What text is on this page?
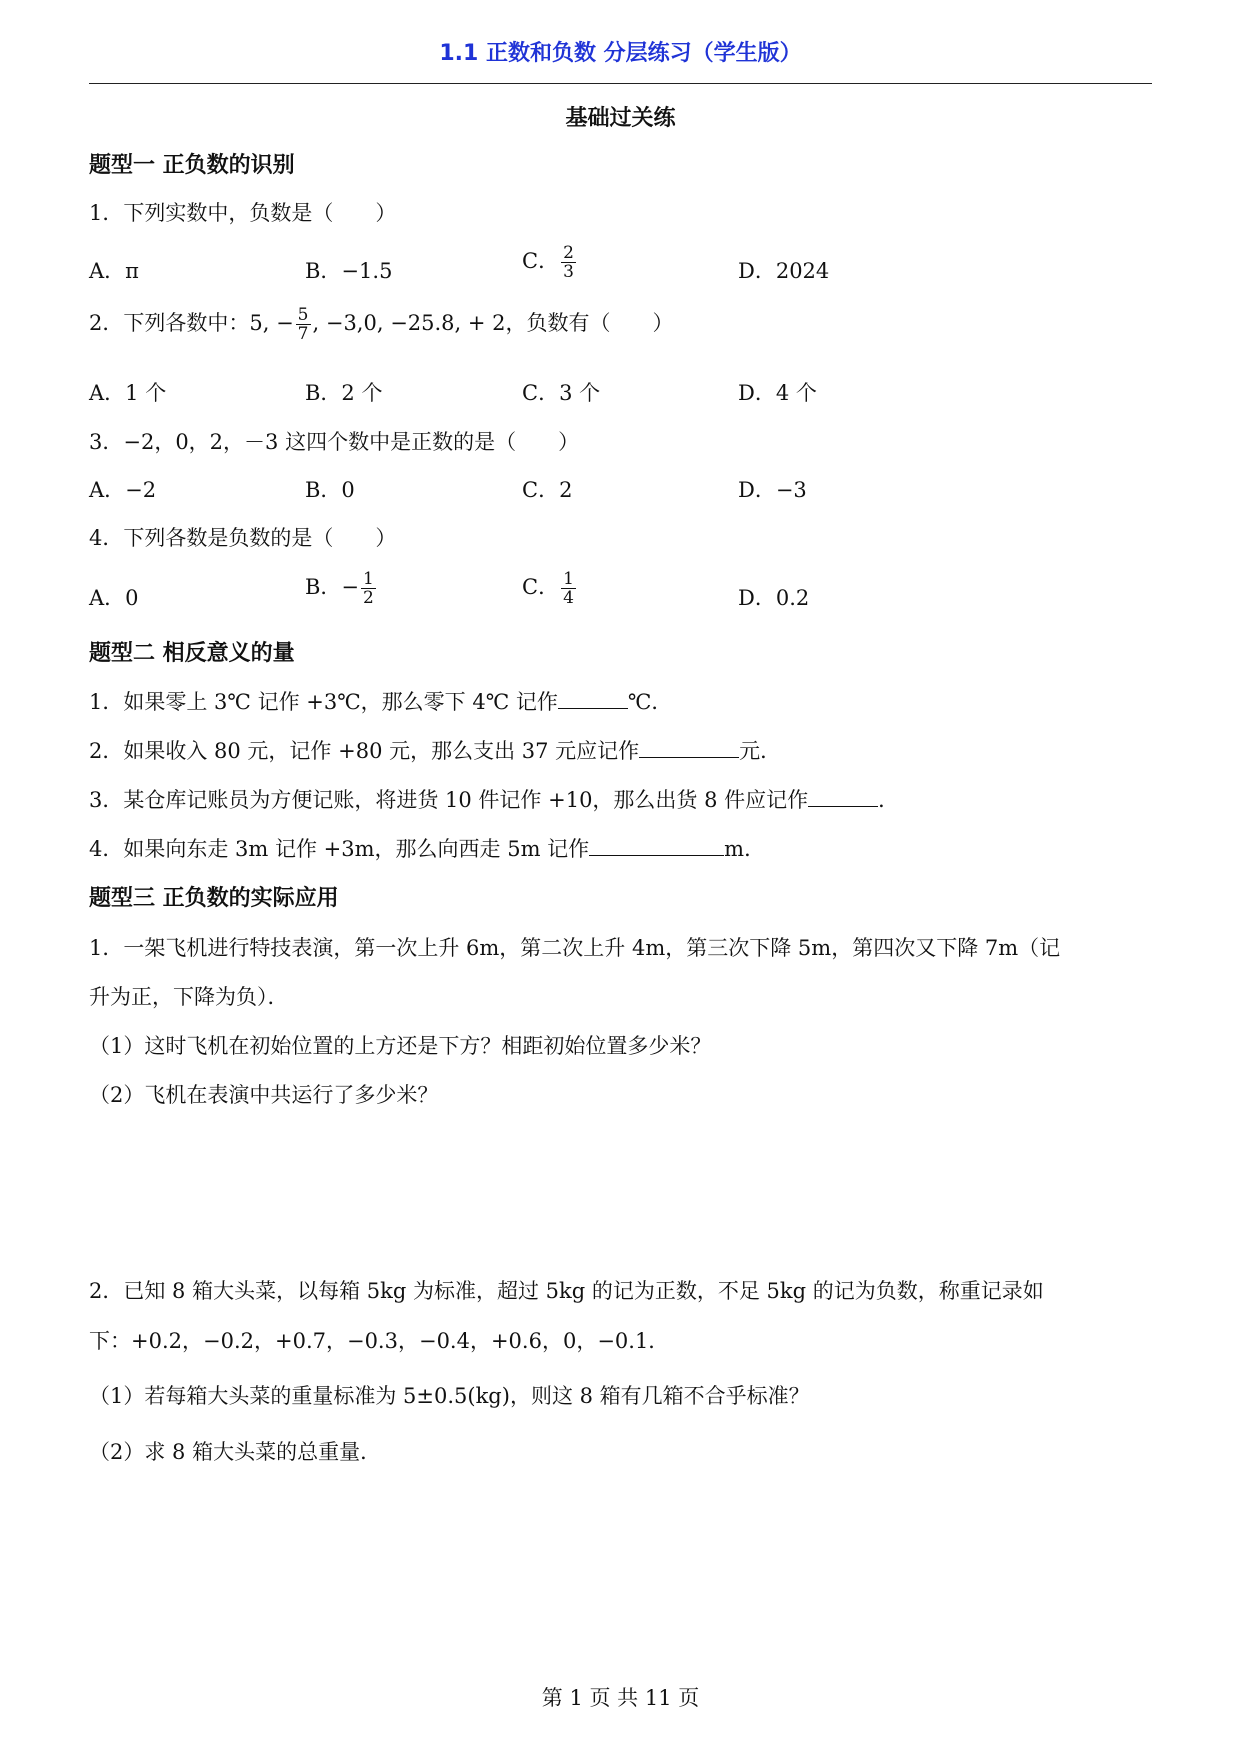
1.1 正数和负数 分层练习（学生版）
基础过关练
题型一 正负数的识别
1．下列实数中，负数是（　　）
A．π	B．−1.5	C． $\frac{2}{3}$	D．2024
2．下列各数中：5, − $\frac{5}{7}$ , −3,0, −25.8, + 2，负数有（　　）
A．1 个	B．2 个	C．3 个	D．4 个
3．−2，0，2，－3 这四个数中是正数的是（　　）
A．−2	B．0	C．2	D．−3
4．下列各数是负数的是（　　）
A．0	B．− $\frac{1}{2}$	C． $\frac{1}{4}$	D．0.2
题型二 相反意义的量
1．如果零上 3℃ 记作 +3℃，那么零下 4℃ 记作	℃．
2．如果收入 80 元，记作 +80 元，那么支出 37 元应记作	元．
3．某仓库记账员为方便记账，将进货 10 件记作 +10，那么出货 8 件应记作	．
4．如果向东走 3m 记作 +3m，那么向西走 5m 记作	m．
题型三 正负数的实际应用
1．一架飞机进行特技表演，第一次上升 6m，第二次上升 4m，第三次下降 5m，第四次又下降 7m（记
升为正，下降为负）．
（1）这时飞机在初始位置的上方还是下方？相距初始位置多少米？
（2）飞机在表演中共运行了多少米？
2．已知 8 箱大头菜，以每箱 5kg 为标准，超过 5kg 的记为正数，不足 5kg 的记为负数，称重记录如
下：+0.2，−0.2，+0.7，−0.3，−0.4，+0.6，0，−0.1．
（1）若每箱大头菜的重量标准为 5±0.5(kg)，则这 8 箱有几箱不合乎标准？
（2）求 8 箱大头菜的总重量．
第 1 页 共 11 页
